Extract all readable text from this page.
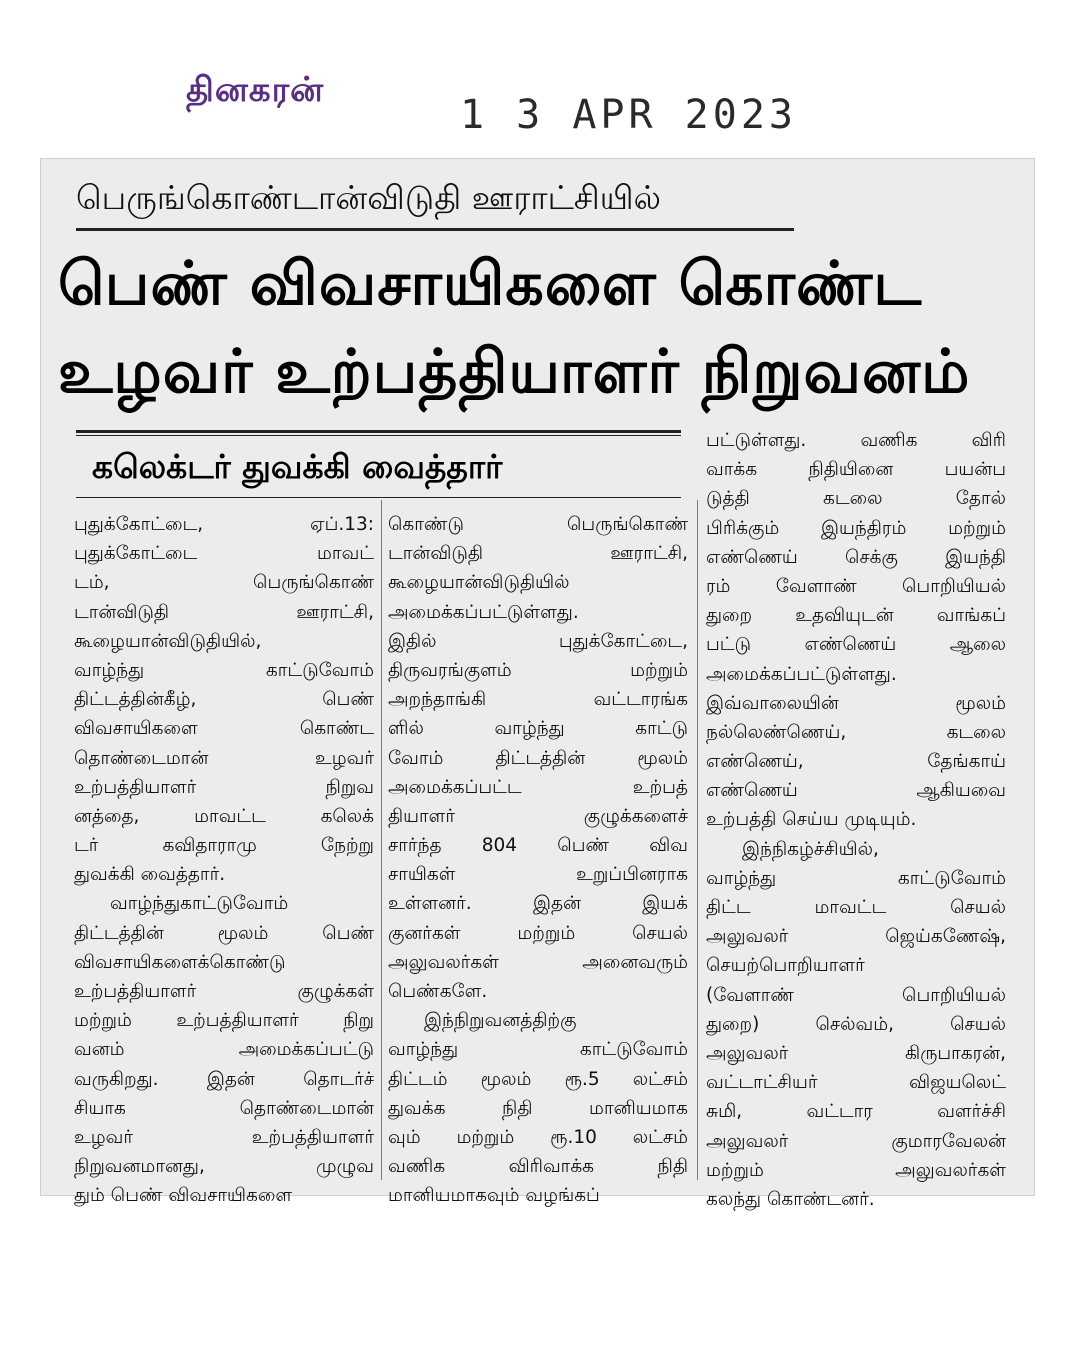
தினகரன்
1 3 APR 2023
பெருங்கொண்டான்விடுதி ஊராட்சியில்
பெண் விவசாயிகளை கொண்ட
உழவர் உற்பத்தியாளர் நிறுவனம்
கலெக்டர் துவக்கி வைத்தார்
புதுக்கோட்டை, ஏப்.13:
புதுக்கோட்டை மாவட்
டம், பெருங்கொண்
டான்விடுதி ஊராட்சி,
கூழையான்விடுதியில்,
வாழ்ந்து காட்டுவோம்
திட்டத்தின்கீழ், பெண்
விவசாயிகளை கொண்ட
தொண்டைமான் உழவர்
உற்பத்தியாளர் நிறுவ
னத்தை, மாவட்ட கலெக்
டர் கவிதாராமு நேற்று
துவக்கி வைத்தார்.
வாழ்ந்துகாட்டுவோம்
திட்டத்தின் மூலம் பெண்
விவசாயிகளைக்கொண்டு
உற்பத்தியாளர் குழுக்கள்
மற்றும் உற்பத்தியாளர் நிறு
வனம் அமைக்கப்பட்டு
வருகிறது. இதன் தொடர்ச்
சியாக தொண்டைமான்
உழவர் உற்பத்தியாளர்
நிறுவனமானது, முழுவ
தும் பெண் விவசாயிகளை
கொண்டு பெருங்கொண்
டான்விடுதி ஊராட்சி,
கூழையான்விடுதியில்
அமைக்கப்பட்டுள்ளது.
இதில் புதுக்கோட்டை,
திருவரங்குளம் மற்றும்
அறந்தாங்கி வட்டாரங்க
ளில் வாழ்ந்து காட்டு
வோம் திட்டத்தின் மூலம்
அமைக்கப்பட்ட உற்பத்
தியாளர் குழுக்களைச்
சார்ந்த 804 பெண் விவ
சாயிகள் உறுப்பினராக
உள்ளனர். இதன் இயக்
குனர்கள் மற்றும் செயல்
அலுவலர்கள் அனைவரும்
பெண்களே.
இந்நிறுவனத்திற்கு
வாழ்ந்து காட்டுவோம்
திட்டம் மூலம் ரூ.5 லட்சம்
துவக்க நிதி மானியமாக
வும் மற்றும் ரூ.10 லட்சம்
வணிக விரிவாக்க நிதி
மானியமாகவும் வழங்கப்
பட்டுள்ளது. வணிக விரி
வாக்க நிதியினை பயன்ப
டுத்தி கடலை தோல்
பிரிக்கும் இயந்திரம் மற்றும்
எண்ணெய் செக்கு இயந்தி
ரம் வேளாண் பொறியியல்
துறை உதவியுடன் வாங்கப்
பட்டு எண்ணெய் ஆலை
அமைக்கப்பட்டுள்ளது.
இவ்வாலையின் மூலம்
நல்லெண்ணெய், கடலை
எண்ணெய், தேங்காய்
எண்ணெய் ஆகியவை
உற்பத்தி செய்ய முடியும்.
இந்நிகழ்ச்சியில்,
வாழ்ந்து காட்டுவோம்
திட்ட மாவட்ட செயல்
அலுவலர் ஜெய்கணேஷ்,
செயற்பொறியாளர்
(வேளாண் பொறியியல்
துறை) செல்வம், செயல்
அலுவலர் கிருபாகரன்,
வட்டாட்சியர் விஜயலெட்
சுமி, வட்டார வளர்ச்சி
அலுவலர் குமாரவேலன்
மற்றும் அலுவலர்கள்
கலந்து கொண்டனர்.
